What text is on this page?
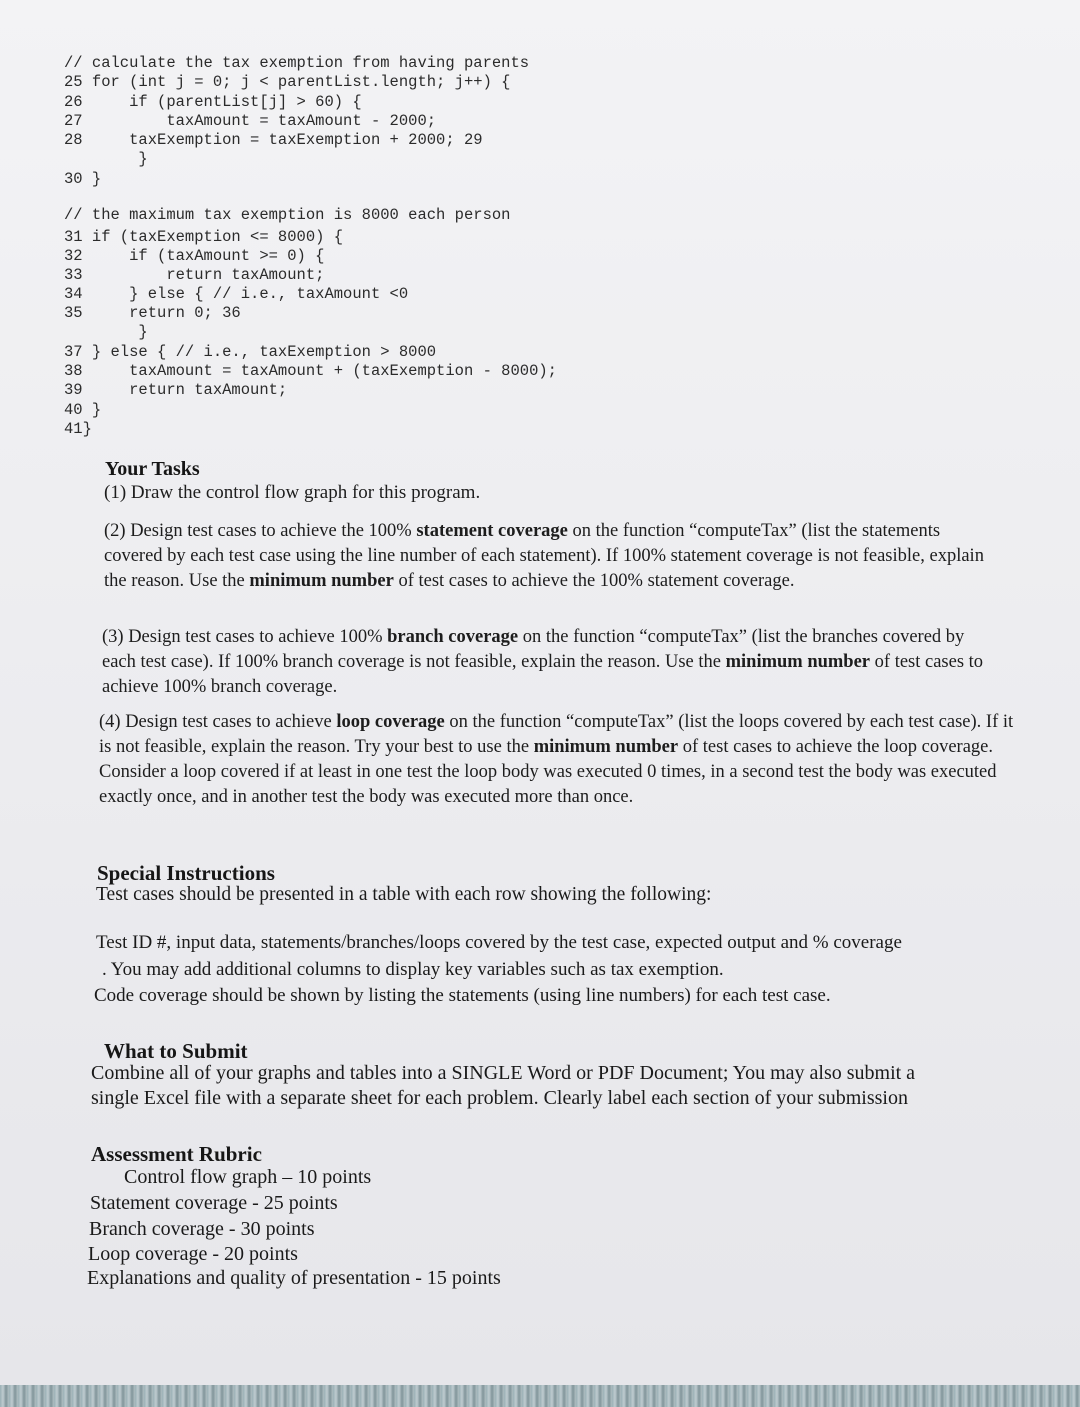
// calculate the tax exemption from having parents
25 for (int j = 0; j < parentList.length; j++) {
26     if (parentList[j] > 60) {
27         taxAmount = taxAmount - 2000;
28     taxExemption = taxExemption + 2000; 29
}
30 }
// the maximum tax exemption is 8000 each person
31 if (taxExemption <= 8000) {
32     if (taxAmount >= 0) {
33         return taxAmount;
34     } else { // i.e., taxAmount <0
35     return 0; 36
}
37 } else { // i.e., taxExemption > 8000
38     taxAmount = taxAmount + (taxExemption - 8000);
39     return taxAmount;
40 }
41}
Your Tasks
(1) Draw the control flow graph for this program.
(2) Design test cases to achieve the 100% statement coverage on the function “computeTax” (list the statements covered by each test case using the line number of each statement). If 100% statement coverage is not feasible, explain the reason. Use the minimum number of test cases to achieve the 100% statement coverage.
(3) Design test cases to achieve 100% branch coverage on the function “computeTax” (list the branches covered by each test case). If 100% branch coverage is not feasible, explain the reason. Use the minimum number of test cases to achieve 100% branch coverage.
(4) Design test cases to achieve loop coverage on the function “computeTax” (list the loops covered by each test case). If it is not feasible, explain the reason. Try your best to use the minimum number of test cases to achieve the loop coverage. Consider a loop covered if at least in one test the loop body was executed 0 times, in a second test the body was executed exactly once, and in another test the body was executed more than once.
Special Instructions
Test cases should be presented in a table with each row showing the following:
Test ID #, input data, statements/branches/loops covered by the test case, expected output and % coverage
. You may add additional columns to display key variables such as tax exemption.
Code coverage should be shown by listing the statements (using line numbers) for each test case.
What to Submit
Combine all of your graphs and tables into a SINGLE Word or PDF Document; You may also submit a
single Excel file with a separate sheet for each problem. Clearly label each section of your submission
Assessment Rubric
Control flow graph – 10 points
Statement coverage - 25 points
Branch coverage - 30 points
Loop coverage - 20 points
Explanations and quality of presentation - 15 points
